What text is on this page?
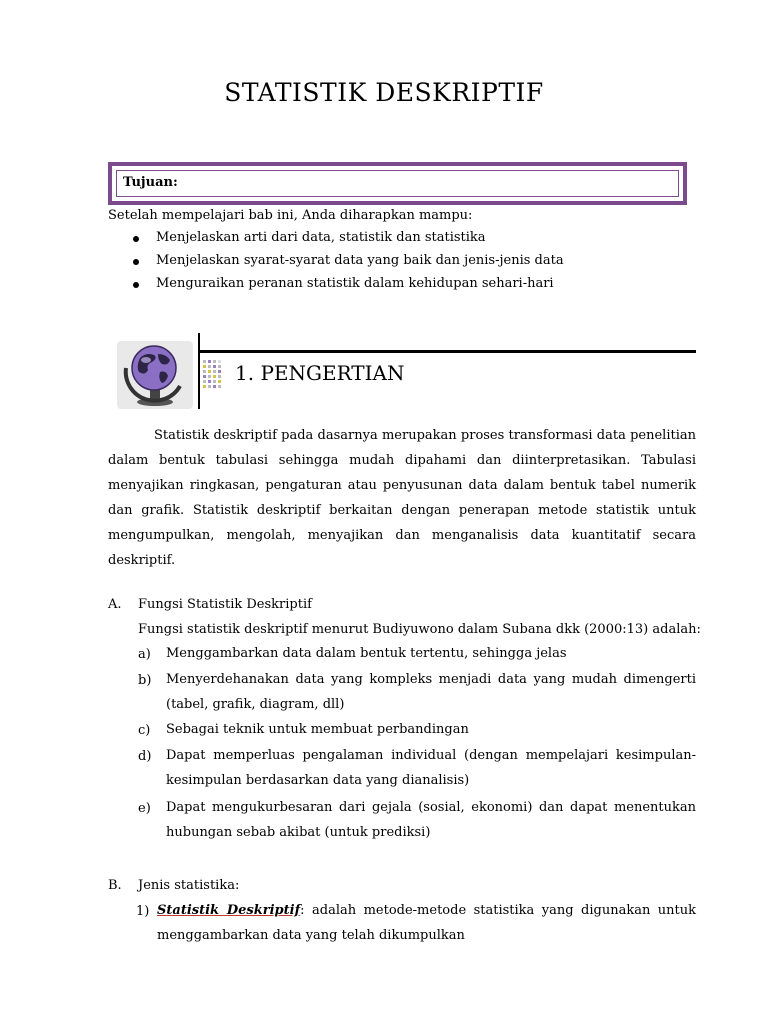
STATISTIK DESKRIPTIF
Tujuan:
Setelah mempelajari bab ini, Anda diharapkan mampu:
Menjelaskan arti dari data, statistik dan statistika
Menjelaskan syarat-syarat data yang baik dan jenis-jenis data
Menguraikan peranan statistik dalam kehidupan sehari-hari
1. PENGERTIAN
Statistik deskriptif pada dasarnya merupakan proses transformasi data penelitian dalam bentuk tabulasi sehingga mudah dipahami dan diinterpretasikan. Tabulasi menyajikan ringkasan, pengaturan atau penyusunan data dalam bentuk tabel numerik dan grafik. Statistik deskriptif berkaitan dengan penerapan metode statistik untuk mengumpulkan, mengolah, menyajikan dan menganalisis data kuantitatif secara deskriptif.
A. Fungsi Statistik Deskriptif
Fungsi statistik deskriptif menurut Budiyuwono dalam Subana dkk (2000:13) adalah:
a) Menggambarkan data dalam bentuk tertentu, sehingga jelas
b) Menyerdehanakan data yang kompleks menjadi data yang mudah dimengerti (tabel, grafik, diagram, dll)
c) Sebagai teknik untuk membuat perbandingan
d) Dapat memperluas pengalaman individual (dengan mempelajari kesimpulan-kesimpulan berdasarkan data yang dianalisis)
e) Dapat mengukurbesaran dari gejala (sosial, ekonomi) dan dapat menentukan hubungan sebab akibat (untuk prediksi)
B. Jenis statistika:
1) Statistik Deskriptif: adalah metode-metode statistika yang digunakan untuk menggambarkan data yang telah dikumpulkan
